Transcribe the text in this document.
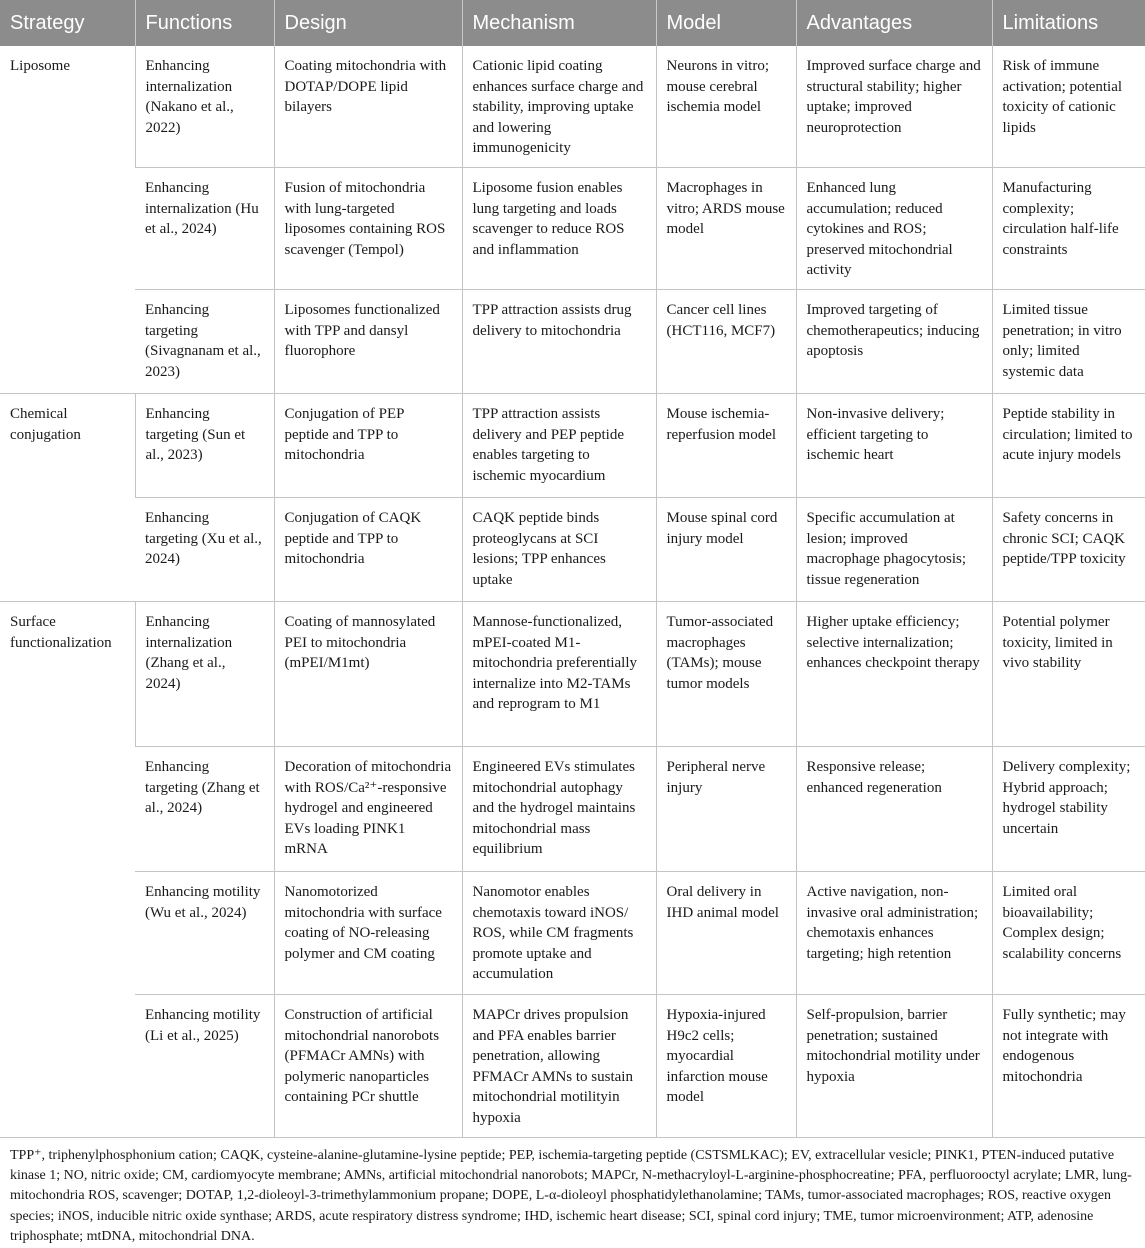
Strategy	Functions	Design	Mechanism	Model	Advantages	Limitations
Liposome	Enhancing internalization (Nakano et al., 2022)	Coating mitochondria with DOTAP/DOPE lipid bilayers	Cationic lipid coating enhances surface charge and stability, improving uptake and lowering immunogenicity	Neurons in vitro; mouse cerebral ischemia model	Improved surface charge and structural stability; higher uptake; improved neuroprotection	Risk of immune activation; potential toxicity of cationic lipids
	Enhancing internalization (Hu et al., 2024)	Fusion of mitochondria with lung-targeted liposomes containing ROS scavenger (Tempol)	Liposome fusion enables lung targeting and loads scavenger to reduce ROS and inflammation	Macrophages in vitro; ARDS mouse model	Enhanced lung accumulation; reduced cytokines and ROS; preserved mitochondrial activity	Manufacturing complexity; circulation half-life constraints
	Enhancing targeting (Sivagnanam et al., 2023)	Liposomes functionalized with TPP and dansyl fluorophore	TPP attraction assists drug delivery to mitochondria	Cancer cell lines (HCT116, MCF7)	Improved targeting of chemotherapeutics; inducing apoptosis	Limited tissue penetration; in vitro only; limited systemic data
Chemical conjugation	Enhancing targeting (Sun et al., 2023)	Conjugation of PEP peptide and TPP to mitochondria	TPP attraction assists delivery and PEP peptide enables targeting to ischemic myocardium	Mouse ischemia-reperfusion model	Non-invasive delivery; efficient targeting to ischemic heart	Peptide stability in circulation; limited to acute injury models
	Enhancing targeting (Xu et al., 2024)	Conjugation of CAQK peptide and TPP to mitochondria	CAQK peptide binds proteoglycans at SCI lesions; TPP enhances uptake	Mouse spinal cord injury model	Specific accumulation at lesion; improved macrophage phagocytosis; tissue regeneration	Safety concerns in chronic SCI; CAQK peptide/TPP toxicity
Surface functionalization	Enhancing internalization (Zhang et al., 2024)	Coating of mannosylated PEI to mitochondria (mPEI/M1mt)	Mannose-functionalized, mPEI-coated M1-mitochondria preferentially internalize into M2-TAMs and reprogram to M1	Tumor-associated macrophages (TAMs); mouse tumor models	Higher uptake efficiency; selective internalization; enhances checkpoint therapy	Potential polymer toxicity, limited in vivo stability
	Enhancing targeting (Zhang et al., 2024)	Decoration of mitochondria with ROS/Ca²⁺-responsive hydrogel and engineered EVs loading PINK1 mRNA	Engineered EVs stimulates mitochondrial autophagy and the hydrogel maintains mitochondrial mass equilibrium	Peripheral nerve injury	Responsive release; enhanced regeneration	Delivery complexity; Hybrid approach; hydrogel stability uncertain
	Enhancing motility (Wu et al., 2024)	Nanomotorized mitochondria with surface coating of NO-releasing polymer and CM coating	Nanomotor enables chemotaxis toward iNOS/ ROS, while CM fragments promote uptake and accumulation	Oral delivery in IHD animal model	Active navigation, non-invasive oral administration; chemotaxis enhances targeting; high retention	Limited oral bioavailability; Complex design; scalability concerns
	Enhancing motility (Li et al., 2025)	Construction of artificial mitochondrial nanorobots (PFMACr AMNs) with polymeric nanoparticles containing PCr shuttle	MAPCr drives propulsion and PFA enables barrier penetration, allowing PFMACr AMNs to sustain mitochondrial motilityin hypoxia	Hypoxia-injured H9c2 cells; myocardial infarction mouse model	Self-propulsion, barrier penetration; sustained mitochondrial motility under hypoxia	Fully synthetic; may not integrate with endogenous mitochondria
TPP⁺, triphenylphosphonium cation; CAQK, cysteine-alanine-glutamine-lysine peptide; PEP, ischemia-targeting peptide (CSTSMLKAC); EV, extracellular vesicle; PINK1, PTEN-induced putative kinase 1; NO, nitric oxide; CM, cardiomyocyte membrane; AMNs, artificial mitochondrial nanorobots; MAPCr, N-methacryloyl-L-arginine-phosphocreatine; PFA, perfluorooctyl acrylate; LMR, lung-mitochondria ROS, scavenger; DOTAP, 1,2-dioleoyl-3-trimethylammonium propane; DOPE, L-α-dioleoyl phosphatidylethanolamine; TAMs, tumor-associated macrophages; ROS, reactive oxygen species; iNOS, inducible nitric oxide synthase; ARDS, acute respiratory distress syndrome; IHD, ischemic heart disease; SCI, spinal cord injury; TME, tumor microenvironment; ATP, adenosine triphosphate; mtDNA, mitochondrial DNA.
